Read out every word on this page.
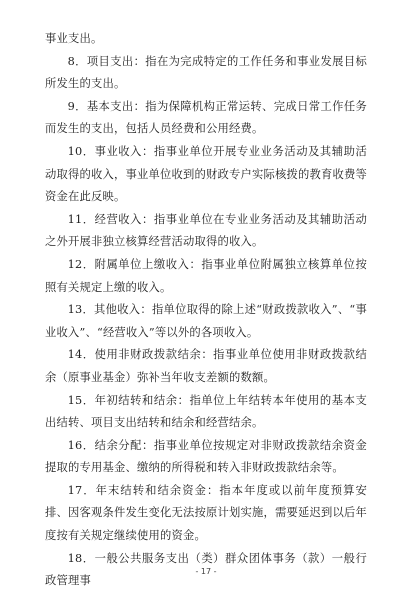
事业支出。

8．项目支出：指在为完成特定的工作任务和事业发展目标所发生的支出。

9．基本支出：指为保障机构正常运转、完成日常工作任务而发生的支出，包括人员经费和公用经费。

10．事业收入：指事业单位开展专业业务活动及其辅助活动取得的收入，事业单位收到的财政专户实际核拨的教育收费等资金在此反映。

11．经营收入：指事业单位在专业业务活动及其辅助活动之外开展非独立核算经营活动取得的收入。

12．附属单位上缴收入：指事业单位附属独立核算单位按照有关规定上缴的收入。

13．其他收入：指单位取得的除上述“财政拨款收入”、“事业收入”、“经营收入”等以外的各项收入。

14．使用非财政拨款结余：指事业单位使用非财政拨款结余（原事业基金）弥补当年收支差额的数额。

15．年初结转和结余：指单位上年结转本年使用的基本支出结转、项目支出结转和结余和经营结余。

16．结余分配：指事业单位按规定对非财政拨款结余资金提取的专用基金、缴纳的所得税和转入非财政拨款结余等。

17．年末结转和结余资金：指本年度或以前年度预算安排、因客观条件发生变化无法按原计划实施，需要延迟到以后年度按有关规定继续使用的资金。

18．一般公共服务支出（类）群众团体事务（款）一般行政管理事

- 17 -
